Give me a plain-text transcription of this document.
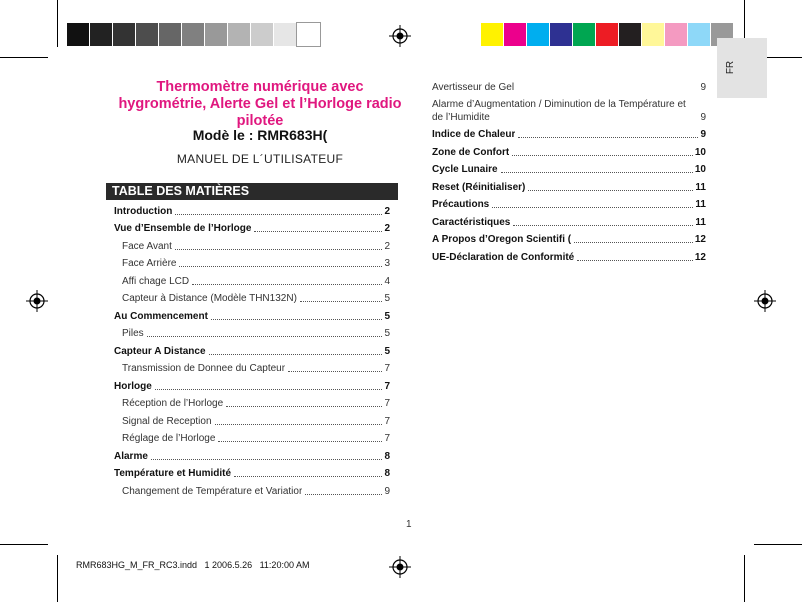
FR
Thermomètre numérique avec
hygrométrie, Alerte Gel et l’Horloge radio
pilotée
Modè le : RMR683H(
MANUEL DE L´UTILISATEUF
TABLE DES MATIÈRES
Introduction	2
Vue d’Ensemble de l’Horloge	2
Face Avant	2
Face Arrière	3
Affi chage LCD	4
Capteur à Distance (Modèle THN132N)	5
Au Commencement	5
Piles	5
Capteur A Distance	5
Transmission de Donnee du Capteur	7
Horloge	7
Réception de l’Horloge	7
Signal de Reception	7
Réglage de l’Horloge	7
Alarme	8
Température et Humidité	8
Changement de Température et Variatior	9
Avertisseur de Gel	9
Alarme d’Augmentation / Diminution de la Température et de l’Humidite	9
Indice de Chaleur	9
Zone de Confort	10
Cycle Lunaire	10
Reset (Réinitialiser)	11
Précautions	11
Caractéristiques	11
A Propos d’Oregon Scientifi (	12
UE-Déclaration de Conformité	12
1
RMR683HG_M_FR_RC3.indd   1 2006.5.26   11:20:00 AM
